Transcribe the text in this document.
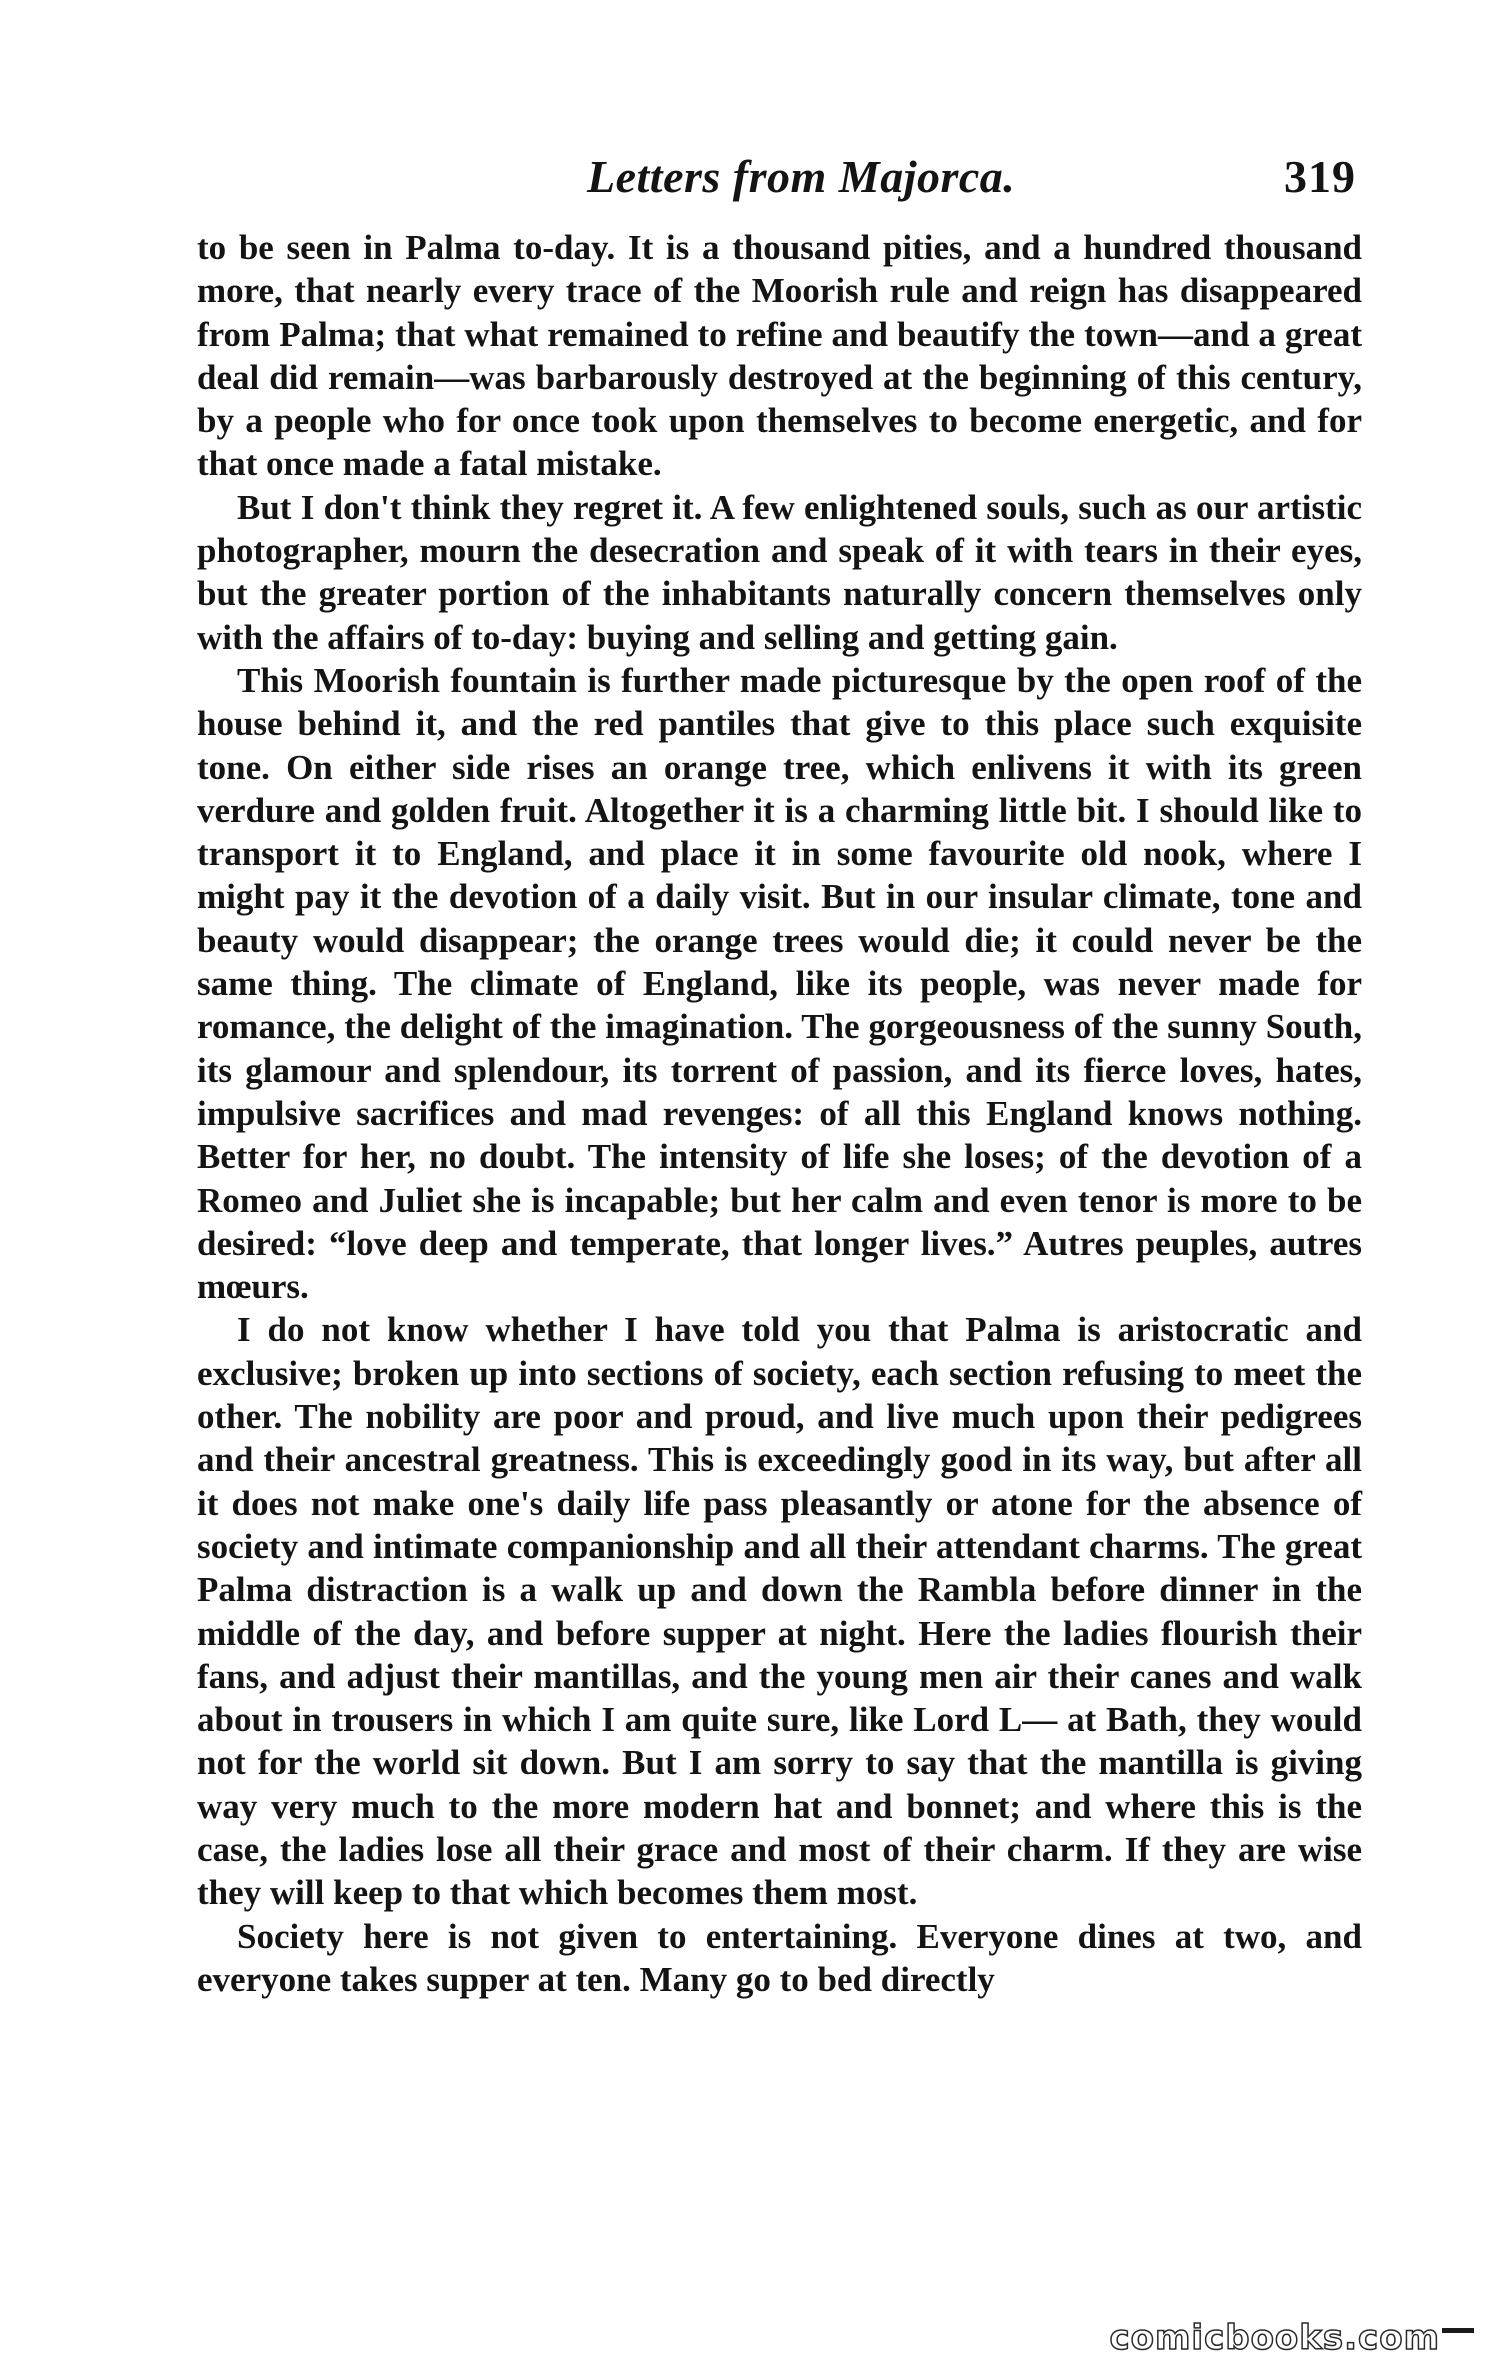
Letters from Majorca.	319

to be seen in Palma to-day. It is a thousand pities, and a hundred thousand more, that nearly every trace of the Moorish rule and reign has disappeared from Palma; that what remained to refine and beautify the town—and a great deal did remain—was barbarously destroyed at the beginning of this century, by a people who for once took upon themselves to become energetic, and for that once made a fatal mistake.

But I don't think they regret it. A few enlightened souls, such as our artistic photographer, mourn the desecration and speak of it with tears in their eyes, but the greater portion of the inhabitants naturally concern themselves only with the affairs of to-day: buying and selling and getting gain.

This Moorish fountain is further made picturesque by the open roof of the house behind it, and the red pantiles that give to this place such exquisite tone. On either side rises an orange tree, which enlivens it with its green verdure and golden fruit. Altogether it is a charming little bit. I should like to transport it to England, and place it in some favourite old nook, where I might pay it the devotion of a daily visit. But in our insular climate, tone and beauty would disappear; the orange trees would die; it could never be the same thing. The climate of England, like its people, was never made for romance, the delight of the imagination. The gorgeousness of the sunny South, its glamour and splendour, its torrent of passion, and its fierce loves, hates, impulsive sacrifices and mad revenges: of all this England knows nothing. Better for her, no doubt. The intensity of life she loses; of the devotion of a Romeo and Juliet she is incapable; but her calm and even tenor is more to be desired: “love deep and temperate, that longer lives.” Autres peuples, autres mœurs.

I do not know whether I have told you that Palma is aristocratic and exclusive; broken up into sections of society, each section refusing to meet the other. The nobility are poor and proud, and live much upon their pedigrees and their ancestral greatness. This is exceedingly good in its way, but after all it does not make one's daily life pass pleasantly or atone for the absence of society and intimate companionship and all their attendant charms. The great Palma distraction is a walk up and down the Rambla before dinner in the middle of the day, and before supper at night. Here the ladies flourish their fans, and adjust their mantillas, and the young men air their canes and walk about in trousers in which I am quite sure, like Lord L— at Bath, they would not for the world sit down. But I am sorry to say that the mantilla is giving way very much to the more modern hat and bonnet; and where this is the case, the ladies lose all their grace and most of their charm. If they are wise they will keep to that which becomes them most.

Society here is not given to entertaining. Everyone dines at two, and everyone takes supper at ten. Many go to bed directly

comicbooks.com
